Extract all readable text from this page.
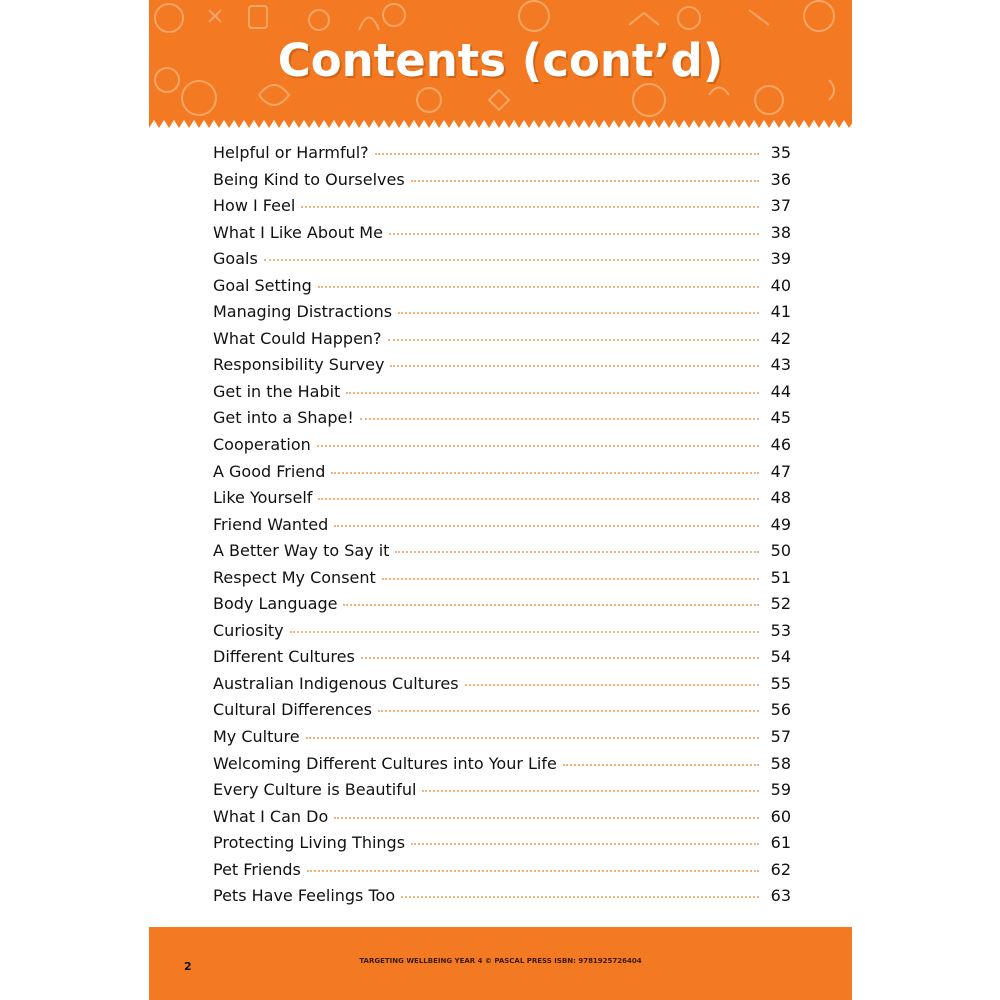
Contents (cont’d)
Helpful or Harmful?	35
Being Kind to Ourselves	36
How I Feel	37
What I Like About Me	38
Goals	39
Goal Setting	40
Managing Distractions	41
What Could Happen?	42
Responsibility Survey	43
Get in the Habit	44
Get into a Shape!	45
Cooperation	46
A Good Friend	47
Like Yourself	48
Friend Wanted	49
A Better Way to Say it	50
Respect My Consent	51
Body Language	52
Curiosity	53
Different Cultures	54
Australian Indigenous Cultures	55
Cultural Differences	56
My Culture	57
Welcoming Different Cultures into Your Life	58
Every Culture is Beautiful	59
What I Can Do	60
Protecting Living Things	61
Pet Friends	62
Pets Have Feelings Too	63
2	TARGETING WELLBEING YEAR 4 © PASCAL PRESS ISBN: 9781925726404
